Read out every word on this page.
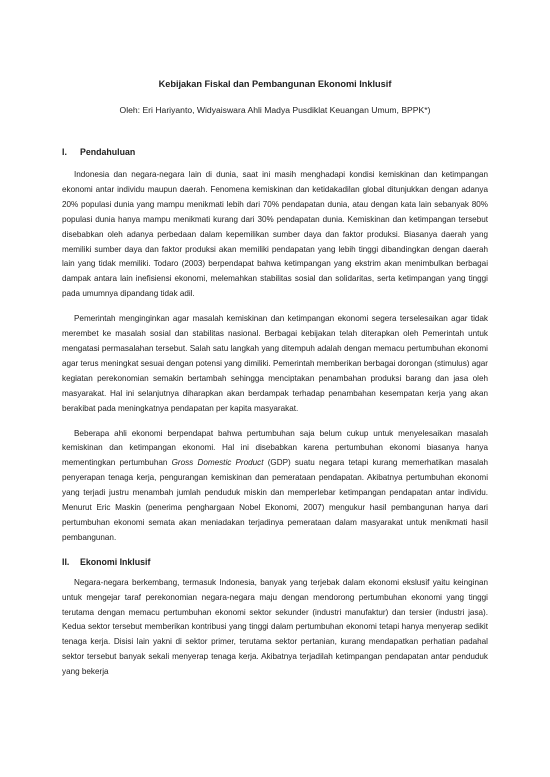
Kebijakan Fiskal dan Pembangunan Ekonomi Inklusif

Oleh: Eri Hariyanto, Widyaiswara Ahli Madya Pusdiklat Keuangan Umum, BPPK*)

I. Pendahuluan

Indonesia dan negara-negara lain di dunia, saat ini masih menghadapi kondisi kemiskinan dan ketimpangan ekonomi antar individu maupun daerah. Fenomena kemiskinan dan ketidakadilan global ditunjukkan dengan adanya 20% populasi dunia yang mampu menikmati lebih dari 70% pendapatan dunia, atau dengan kata lain sebanyak 80% populasi dunia hanya mampu menikmati kurang dari 30% pendapatan dunia. Kemiskinan dan ketimpangan tersebut disebabkan oleh adanya perbedaan dalam kepemilikan sumber daya dan faktor produksi. Biasanya daerah yang memiliki sumber daya dan faktor produksi akan memiliki pendapatan yang lebih tinggi dibandingkan dengan daerah lain yang tidak memiliki. Todaro (2003) berpendapat bahwa ketimpangan yang ekstrim akan menimbulkan berbagai dampak antara lain inefisiensi ekonomi, melemahkan stabilitas sosial dan solidaritas, serta ketimpangan yang tinggi pada umumnya dipandang tidak adil.

Pemerintah menginginkan agar masalah kemiskinan dan ketimpangan ekonomi segera terselesaikan agar tidak merembet ke masalah sosial dan stabilitas nasional. Berbagai kebijakan telah diterapkan oleh Pemerintah untuk mengatasi permasalahan tersebut. Salah satu langkah yang ditempuh adalah dengan memacu pertumbuhan ekonomi agar terus meningkat sesuai dengan potensi yang dimiliki. Pemerintah memberikan berbagai dorongan (stimulus) agar kegiatan perekonomian semakin bertambah sehingga menciptakan penambahan produksi barang dan jasa oleh masyarakat. Hal ini selanjutnya diharapkan akan berdampak terhadap penambahan kesempatan kerja yang akan berakibat pada meningkatnya pendapatan per kapita masyarakat.

Beberapa ahli ekonomi berpendapat bahwa pertumbuhan saja belum cukup untuk menyelesaikan masalah kemiskinan dan ketimpangan ekonomi. Hal ini disebabkan karena pertumbuhan ekonomi biasanya hanya mementingkan pertumbuhan Gross Domestic Product (GDP) suatu negara tetapi kurang memerhatikan masalah penyerapan tenaga kerja, pengurangan kemiskinan dan pemerataan pendapatan. Akibatnya pertumbuhan ekonomi yang terjadi justru menambah jumlah penduduk miskin dan memperlebar ketimpangan pendapatan antar individu. Menurut Eric Maskin (penerima penghargaan Nobel Ekonomi, 2007) mengukur hasil pembangunan hanya dari pertumbuhan ekonomi semata akan meniadakan terjadinya pemerataan dalam masyarakat untuk menikmati hasil pembangunan.

II. Ekonomi Inklusif

Negara-negara berkembang, termasuk Indonesia, banyak yang terjebak dalam ekonomi ekslusif yaitu keinginan untuk mengejar taraf perekonomian negara-negara maju dengan mendorong pertumbuhan ekonomi yang tinggi terutama dengan memacu pertumbuhan ekonomi sektor sekunder (industri manufaktur) dan tersier (industri jasa). Kedua sektor tersebut memberikan kontribusi yang tinggi dalam pertumbuhan ekonomi tetapi hanya menyerap sedikit tenaga kerja. Disisi lain yakni di sektor primer, terutama sektor pertanian, kurang mendapatkan perhatian padahal sektor tersebut banyak sekali menyerap tenaga kerja. Akibatnya terjadilah ketimpangan pendapatan antar penduduk yang bekerja
